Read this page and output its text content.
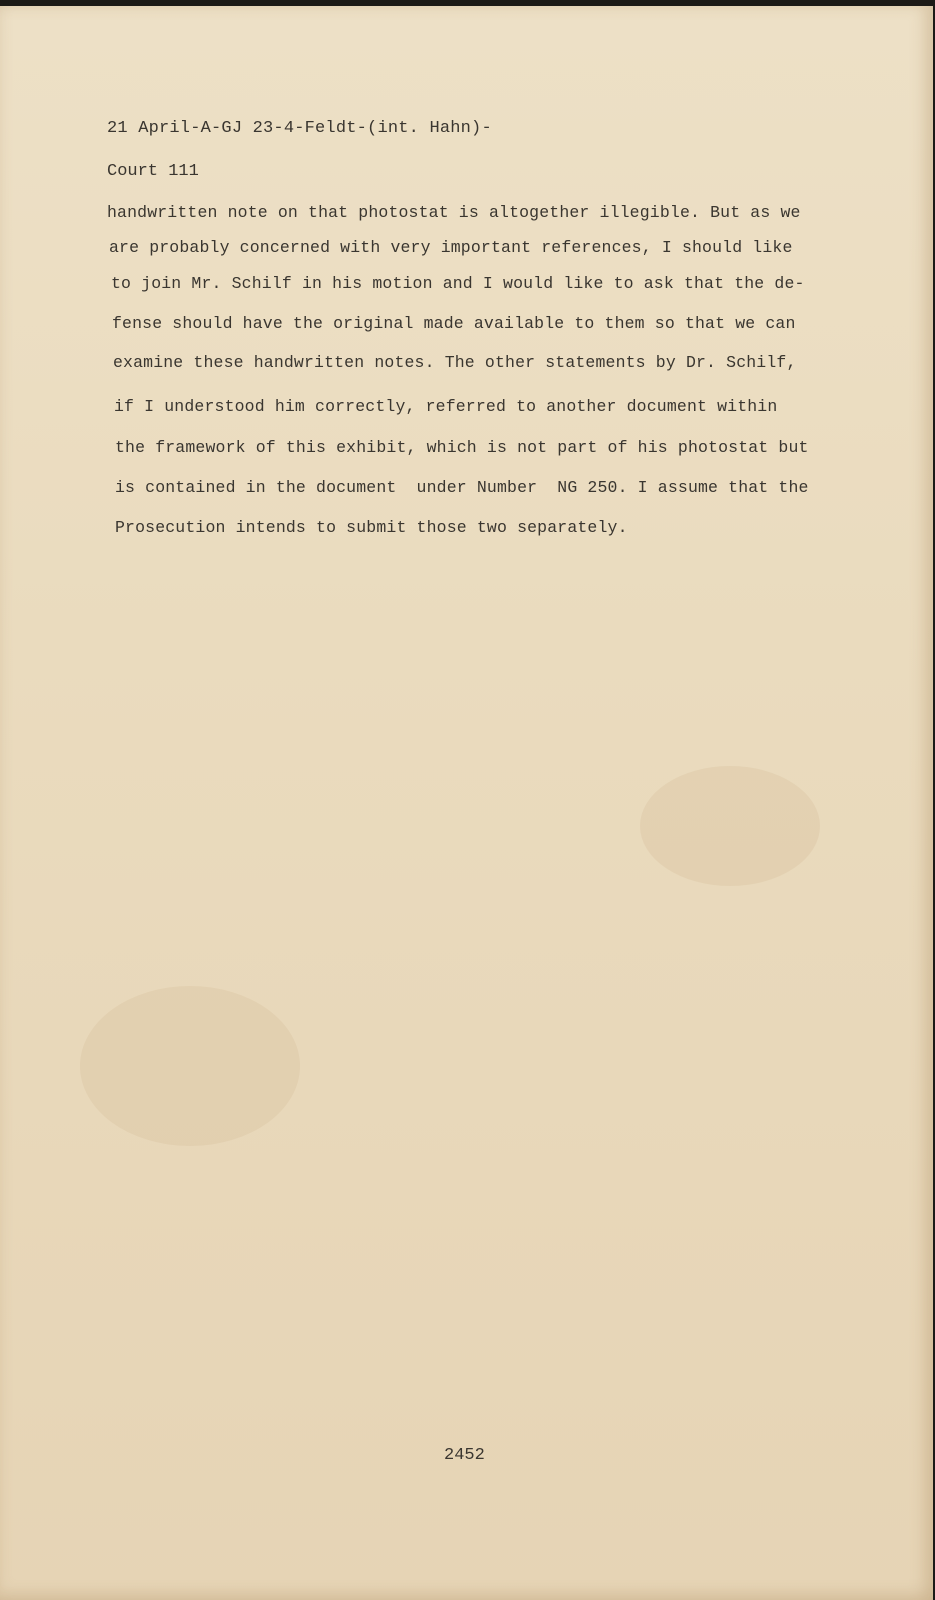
21 April-A-GJ 23-4-Feldt-(int. Hahn)-
Court 111
handwritten note on that photostat is altogether illegible. But as we
are probably concerned with very important references, I should like
to join Mr. Schilf in his motion and I would like to ask that the de-
fense should have the original made available to them so that we can
examine these handwritten notes. The other statements by Dr. Schilf,
if I understood him correctly, referred to another document within
the framework of this exhibit, which is not part of his photostat but
is contained in the document  under Number  NG 250. I assume that the
Prosecution intends to submit those two separately.
2452
